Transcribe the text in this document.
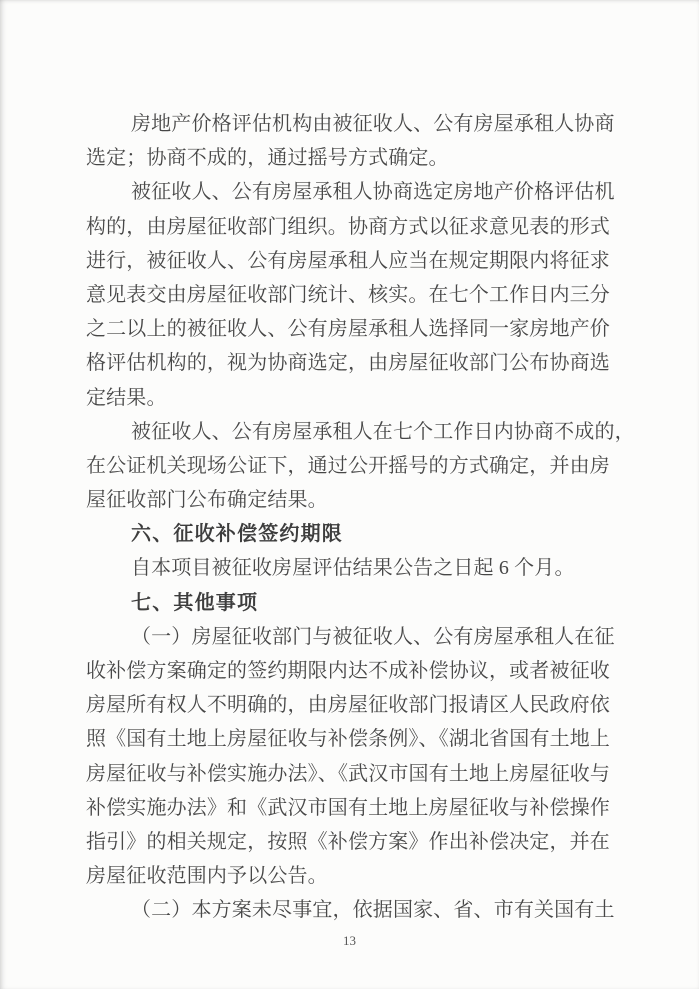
房地产价格评估机构由被征收人、公有房屋承租人协商
选定；协商不成的，通过摇号方式确定。
被征收人、公有房屋承租人协商选定房地产价格评估机
构的，由房屋征收部门组织。协商方式以征求意见表的形式
进行，被征收人、公有房屋承租人应当在规定期限内将征求
意见表交由房屋征收部门统计、核实。在七个工作日内三分
之二以上的被征收人、公有房屋承租人选择同一家房地产价
格评估机构的，视为协商选定，由房屋征收部门公布协商选
定结果。
被征收人、公有房屋承租人在七个工作日内协商不成的，
在公证机关现场公证下，通过公开摇号的方式确定，并由房
屋征收部门公布确定结果。
六、征收补偿签约期限
自本项目被征收房屋评估结果公告之日起 6 个月。
七、其他事项
（一）房屋征收部门与被征收人、公有房屋承租人在征
收补偿方案确定的签约期限内达不成补偿协议，或者被征收
房屋所有权人不明确的，由房屋征收部门报请区人民政府依
照《国有土地上房屋征收与补偿条例》、《湖北省国有土地上
房屋征收与补偿实施办法》、《武汉市国有土地上房屋征收与
补偿实施办法》和《武汉市国有土地上房屋征收与补偿操作
指引》的相关规定，按照《补偿方案》作出补偿决定，并在
房屋征收范围内予以公告。
（二）本方案未尽事宜，依据国家、省、市有关国有土
13
